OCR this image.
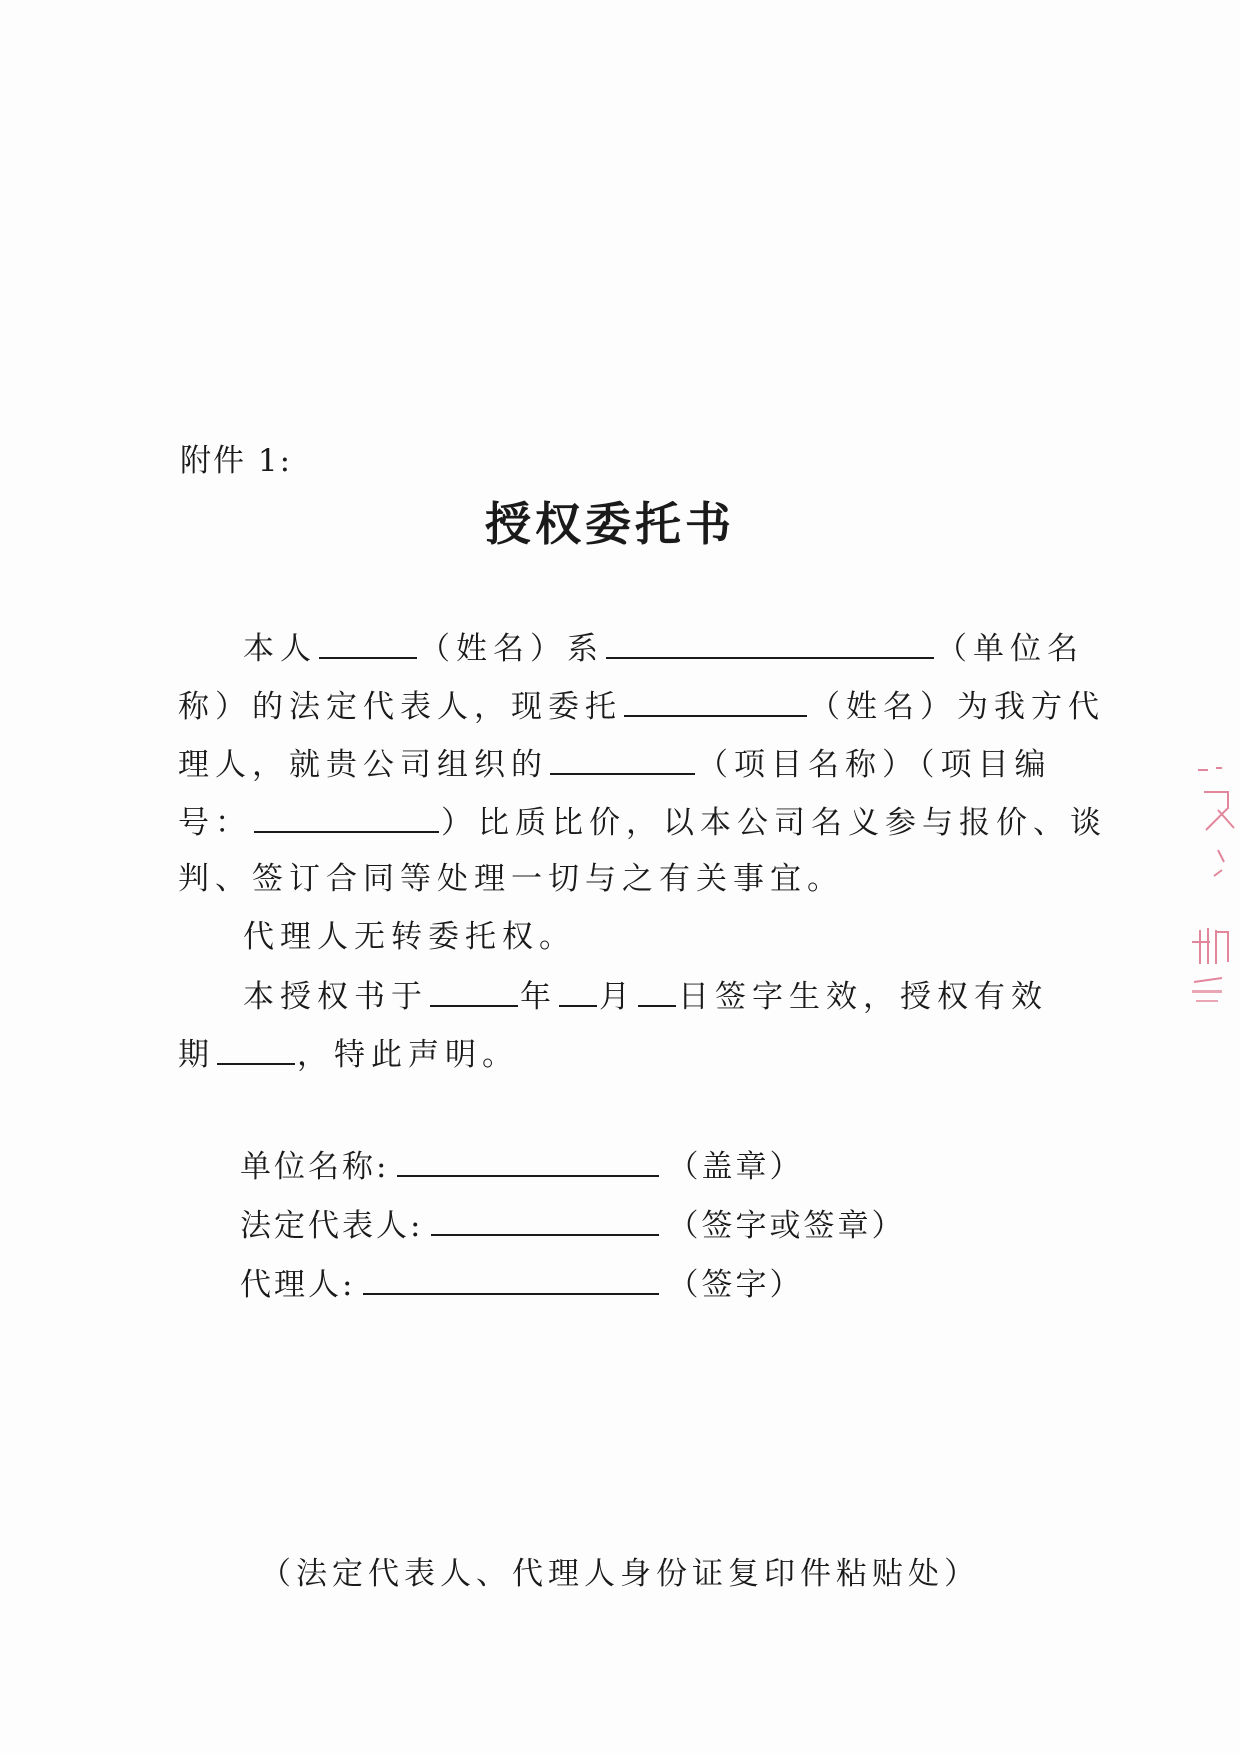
附件 1:
授权委托书
本人	（姓名）系	（单位名
称）的法定代表人，现委托	（姓名）为我方代
理人，就贵公司组织的	（项目名称）（项目编
号：	）比质比价，以本公司名义参与报价、谈
判、签订合同等处理一切与之有关事宜。
代理人无转委托权。
本授权书于	年 月 日签字生效，授权有效
期	，特此声明。
单位名称:	（盖章）
法定代表人:	（签字或签章）
代理人:	（签字）
（法定代表人、代理人身份证复印件粘贴处）
